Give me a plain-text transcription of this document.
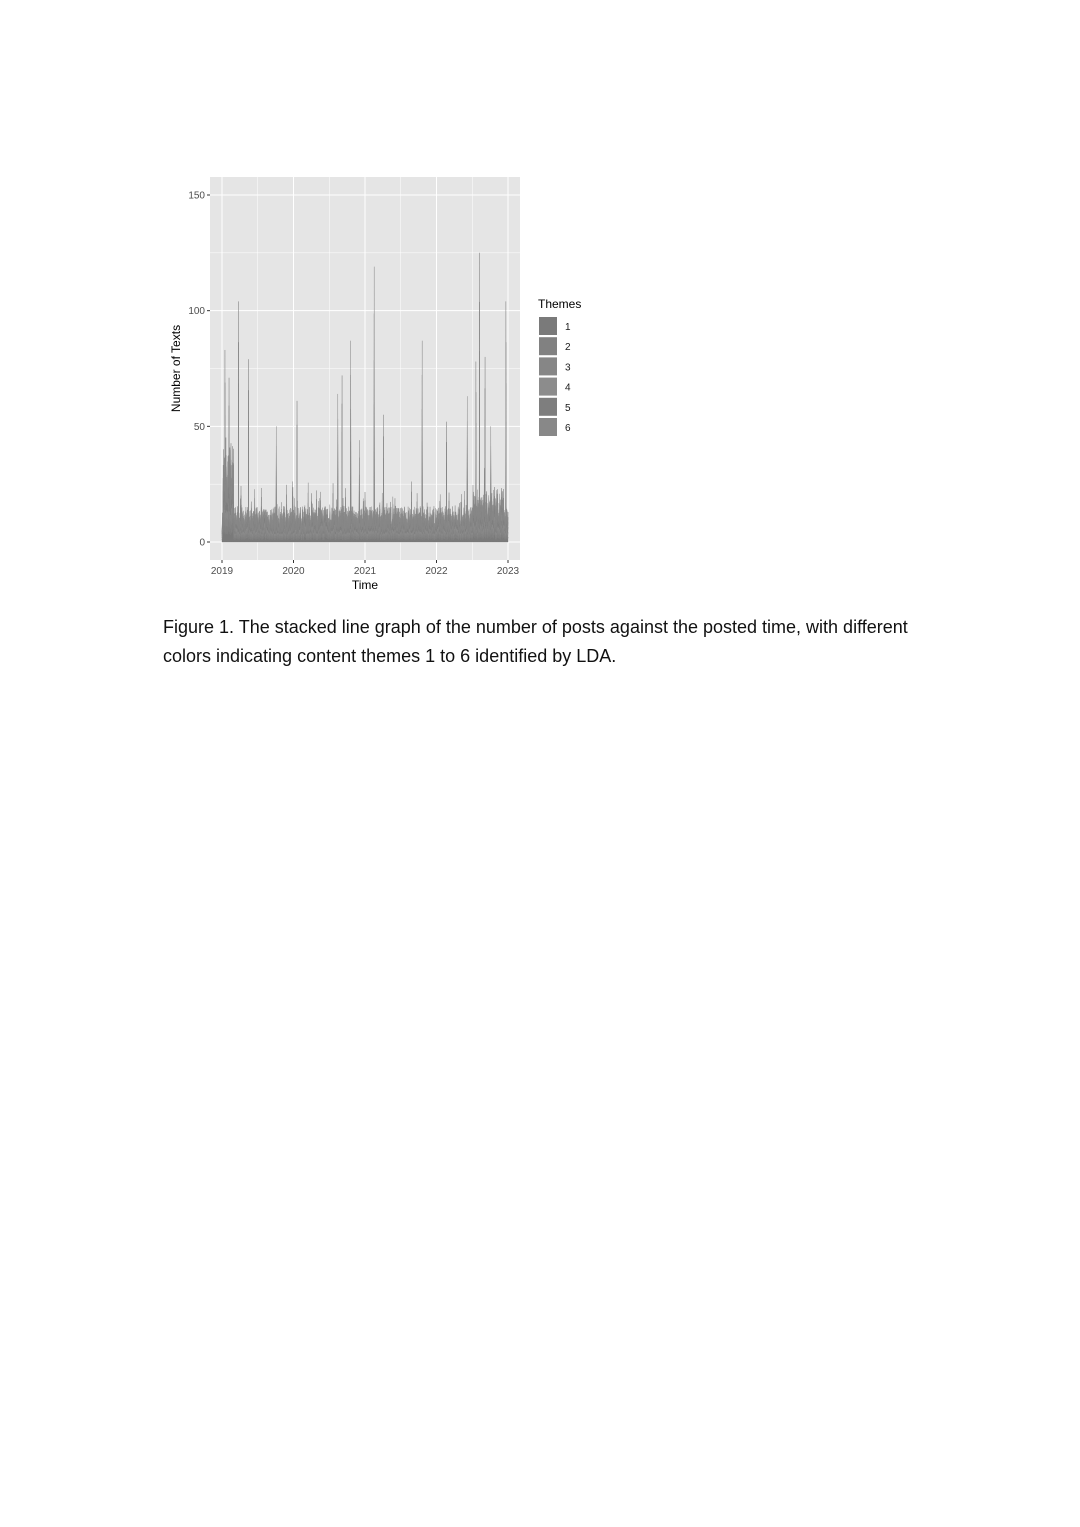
0
50
100
150
2019	2020	2021	2022	2023
Time
Number of Texts
Themes
1
2
3
4
5
6

Figure 1. The stacked line graph of the number of posts against the posted time, with different colors indicating content themes 1 to 6 identified by LDA.
